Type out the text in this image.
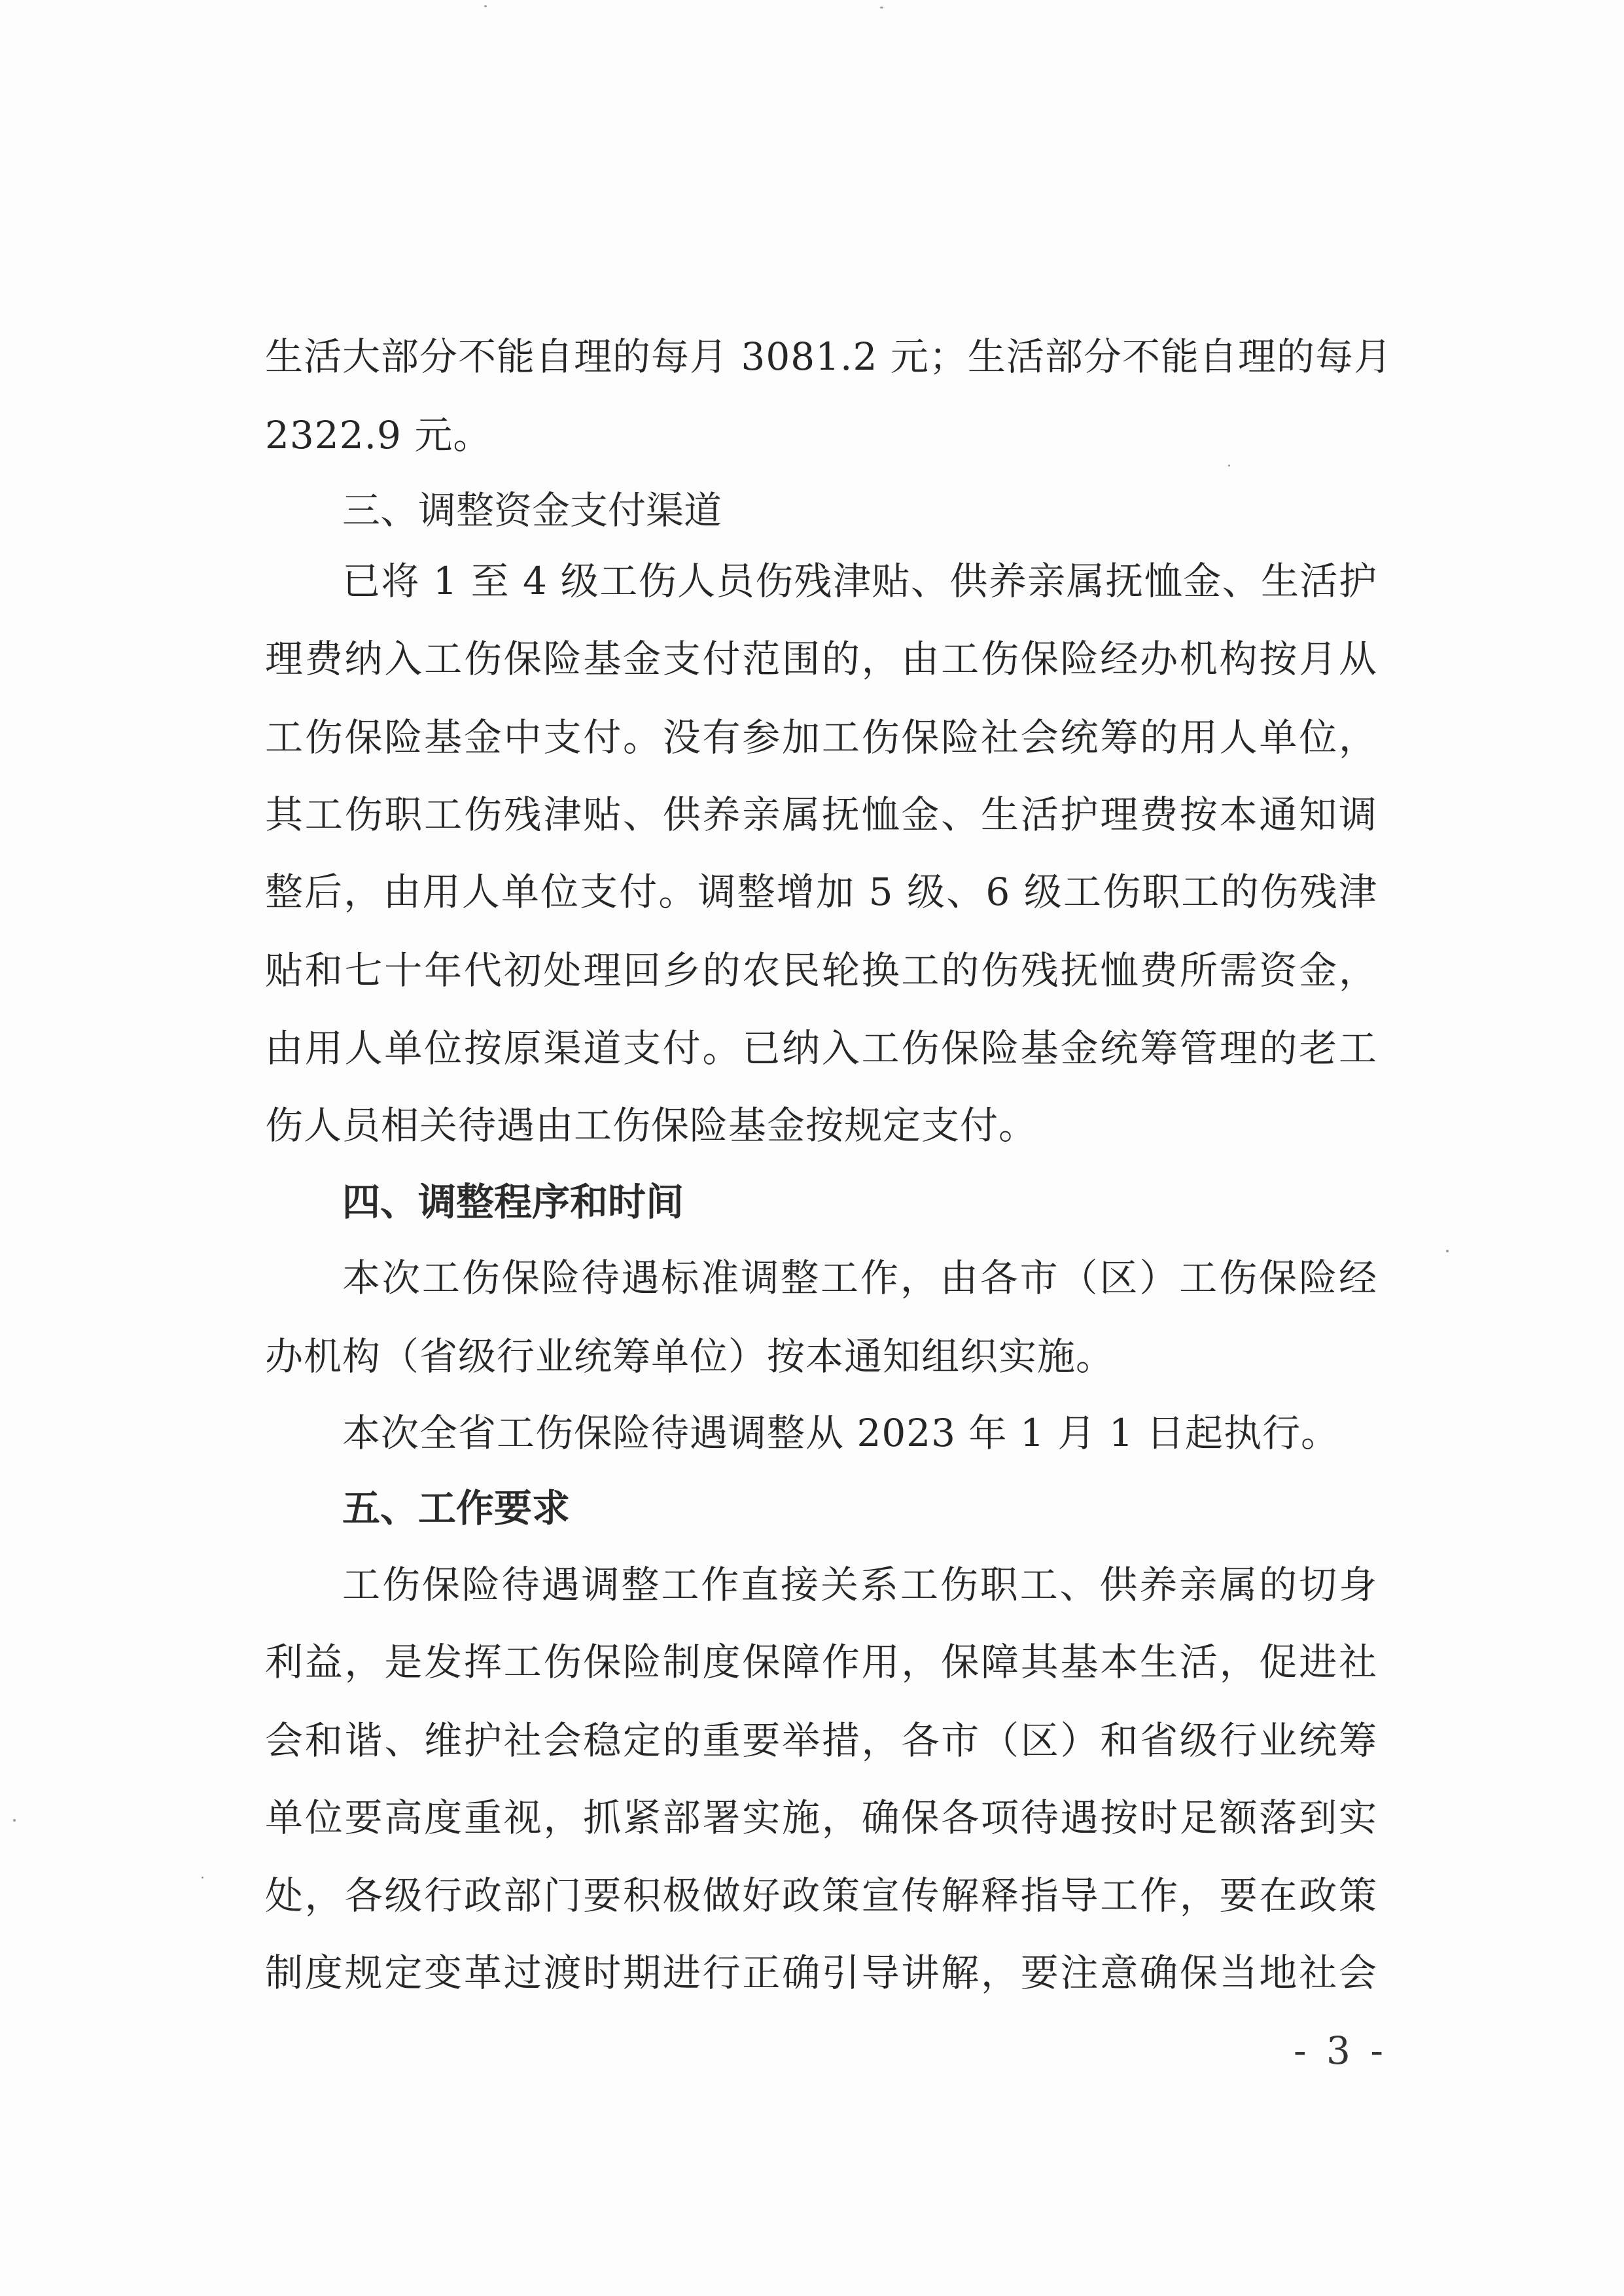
生活大部分不能自理的每月 3081.2 元；生活部分不能自理的每月
2322.9 元。
三、调整资金支付渠道
已将 1 至 4 级工伤人员伤残津贴、供养亲属抚恤金、生活护
理费纳入工伤保险基金支付范围的，由工伤保险经办机构按月从
工伤保险基金中支付。没有参加工伤保险社会统筹的用人单位，
其工伤职工伤残津贴、供养亲属抚恤金、生活护理费按本通知调
整后，由用人单位支付。调整增加 5 级、6 级工伤职工的伤残津
贴和七十年代初处理回乡的农民轮换工的伤残抚恤费所需资金，
由用人单位按原渠道支付。已纳入工伤保险基金统筹管理的老工
伤人员相关待遇由工伤保险基金按规定支付。
四、调整程序和时间
本次工伤保险待遇标准调整工作，由各市（区）工伤保险经
办机构（省级行业统筹单位）按本通知组织实施。
本次全省工伤保险待遇调整从 2023 年 1 月 1 日起执行。
五、工作要求
工伤保险待遇调整工作直接关系工伤职工、供养亲属的切身
利益，是发挥工伤保险制度保障作用，保障其基本生活，促进社
会和谐、维护社会稳定的重要举措，各市（区）和省级行业统筹
单位要高度重视，抓紧部署实施，确保各项待遇按时足额落到实
处，各级行政部门要积极做好政策宣传解释指导工作，要在政策
制度规定变革过渡时期进行正确引导讲解，要注意确保当地社会
- 3 -
